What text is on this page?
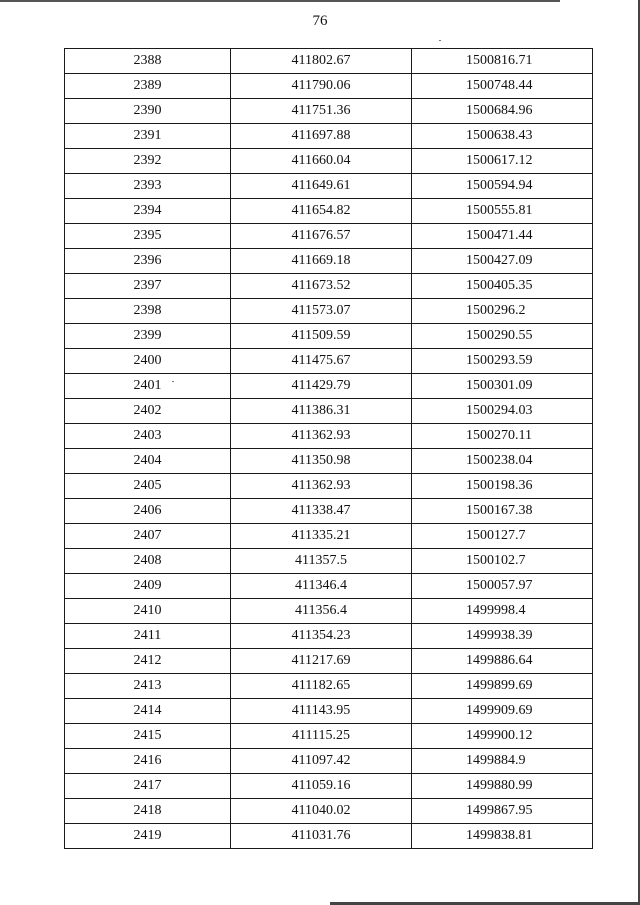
76
2388	411802.67	1500816.71
2389	411790.06	1500748.44
2390	411751.36	1500684.96
2391	411697.88	1500638.43
2392	411660.04	1500617.12
2393	411649.61	1500594.94
2394	411654.82	1500555.81
2395	411676.57	1500471.44
2396	411669.18	1500427.09
2397	411673.52	1500405.35
2398	411573.07	1500296.2
2399	411509.59	1500290.55
2400	411475.67	1500293.59
2401	411429.79	1500301.09
2402	411386.31	1500294.03
2403	411362.93	1500270.11
2404	411350.98	1500238.04
2405	411362.93	1500198.36
2406	411338.47	1500167.38
2407	411335.21	1500127.7
2408	411357.5	1500102.7
2409	411346.4	1500057.97
2410	411356.4	1499998.4
2411	411354.23	1499938.39
2412	411217.69	1499886.64
2413	411182.65	1499899.69
2414	411143.95	1499909.69
2415	411115.25	1499900.12
2416	411097.42	1499884.9
2417	411059.16	1499880.99
2418	411040.02	1499867.95
2419	411031.76	1499838.81
